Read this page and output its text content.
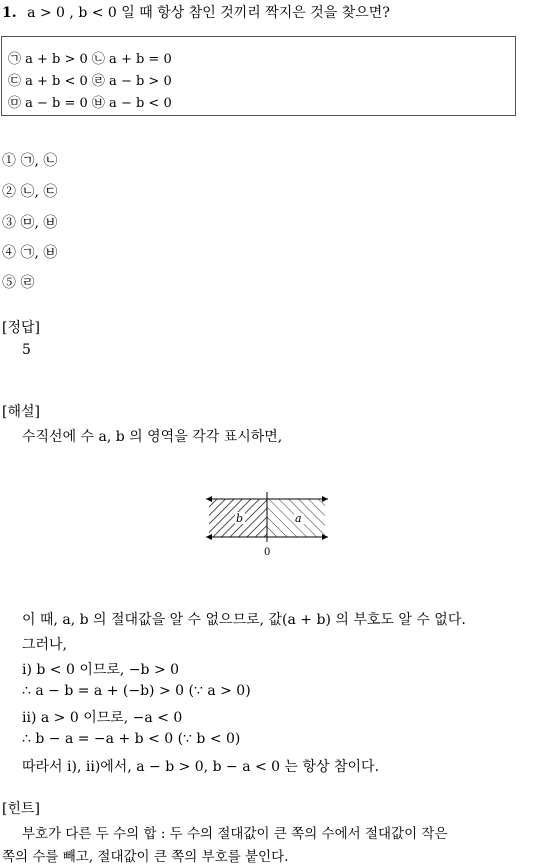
1. a > 0 , b < 0 일 때 항상 참인 것끼리 짝지은 것을 찾으면?
㉠ a + b > 0 ㉡ a + b = 0
㉢ a + b < 0 ㉣ a − b > 0
㉤ a − b = 0 ㉥ a − b < 0
① ㉠, ㉡
② ㉡, ㉢
③ ㉤, ㉥
④ ㉠, ㉥
⑤ ㉣
[정답]
5
[해설]
수직선에 수 a, b 의 영역을 각각 표시하면,
b	a
0
이 때, a, b 의 절대값을 알 수 없으므로, 값(a + b) 의 부호도 알 수 없다.
그러나,
i) b < 0 이므로, −b > 0
∴ a − b = a + (−b) > 0 (∵ a > 0)
ii) a > 0 이므로, −a < 0
∴ b − a = −a + b < 0 (∵ b < 0)
따라서 i), ii)에서, a − b > 0, b − a < 0 는 항상 참이다.
[힌트]
부호가 다른 두 수의 합 : 두 수의 절대값이 큰 쪽의 수에서 절대값이 작은
쪽의 수를 빼고, 절대값이 큰 쪽의 부호를 붙인다.
